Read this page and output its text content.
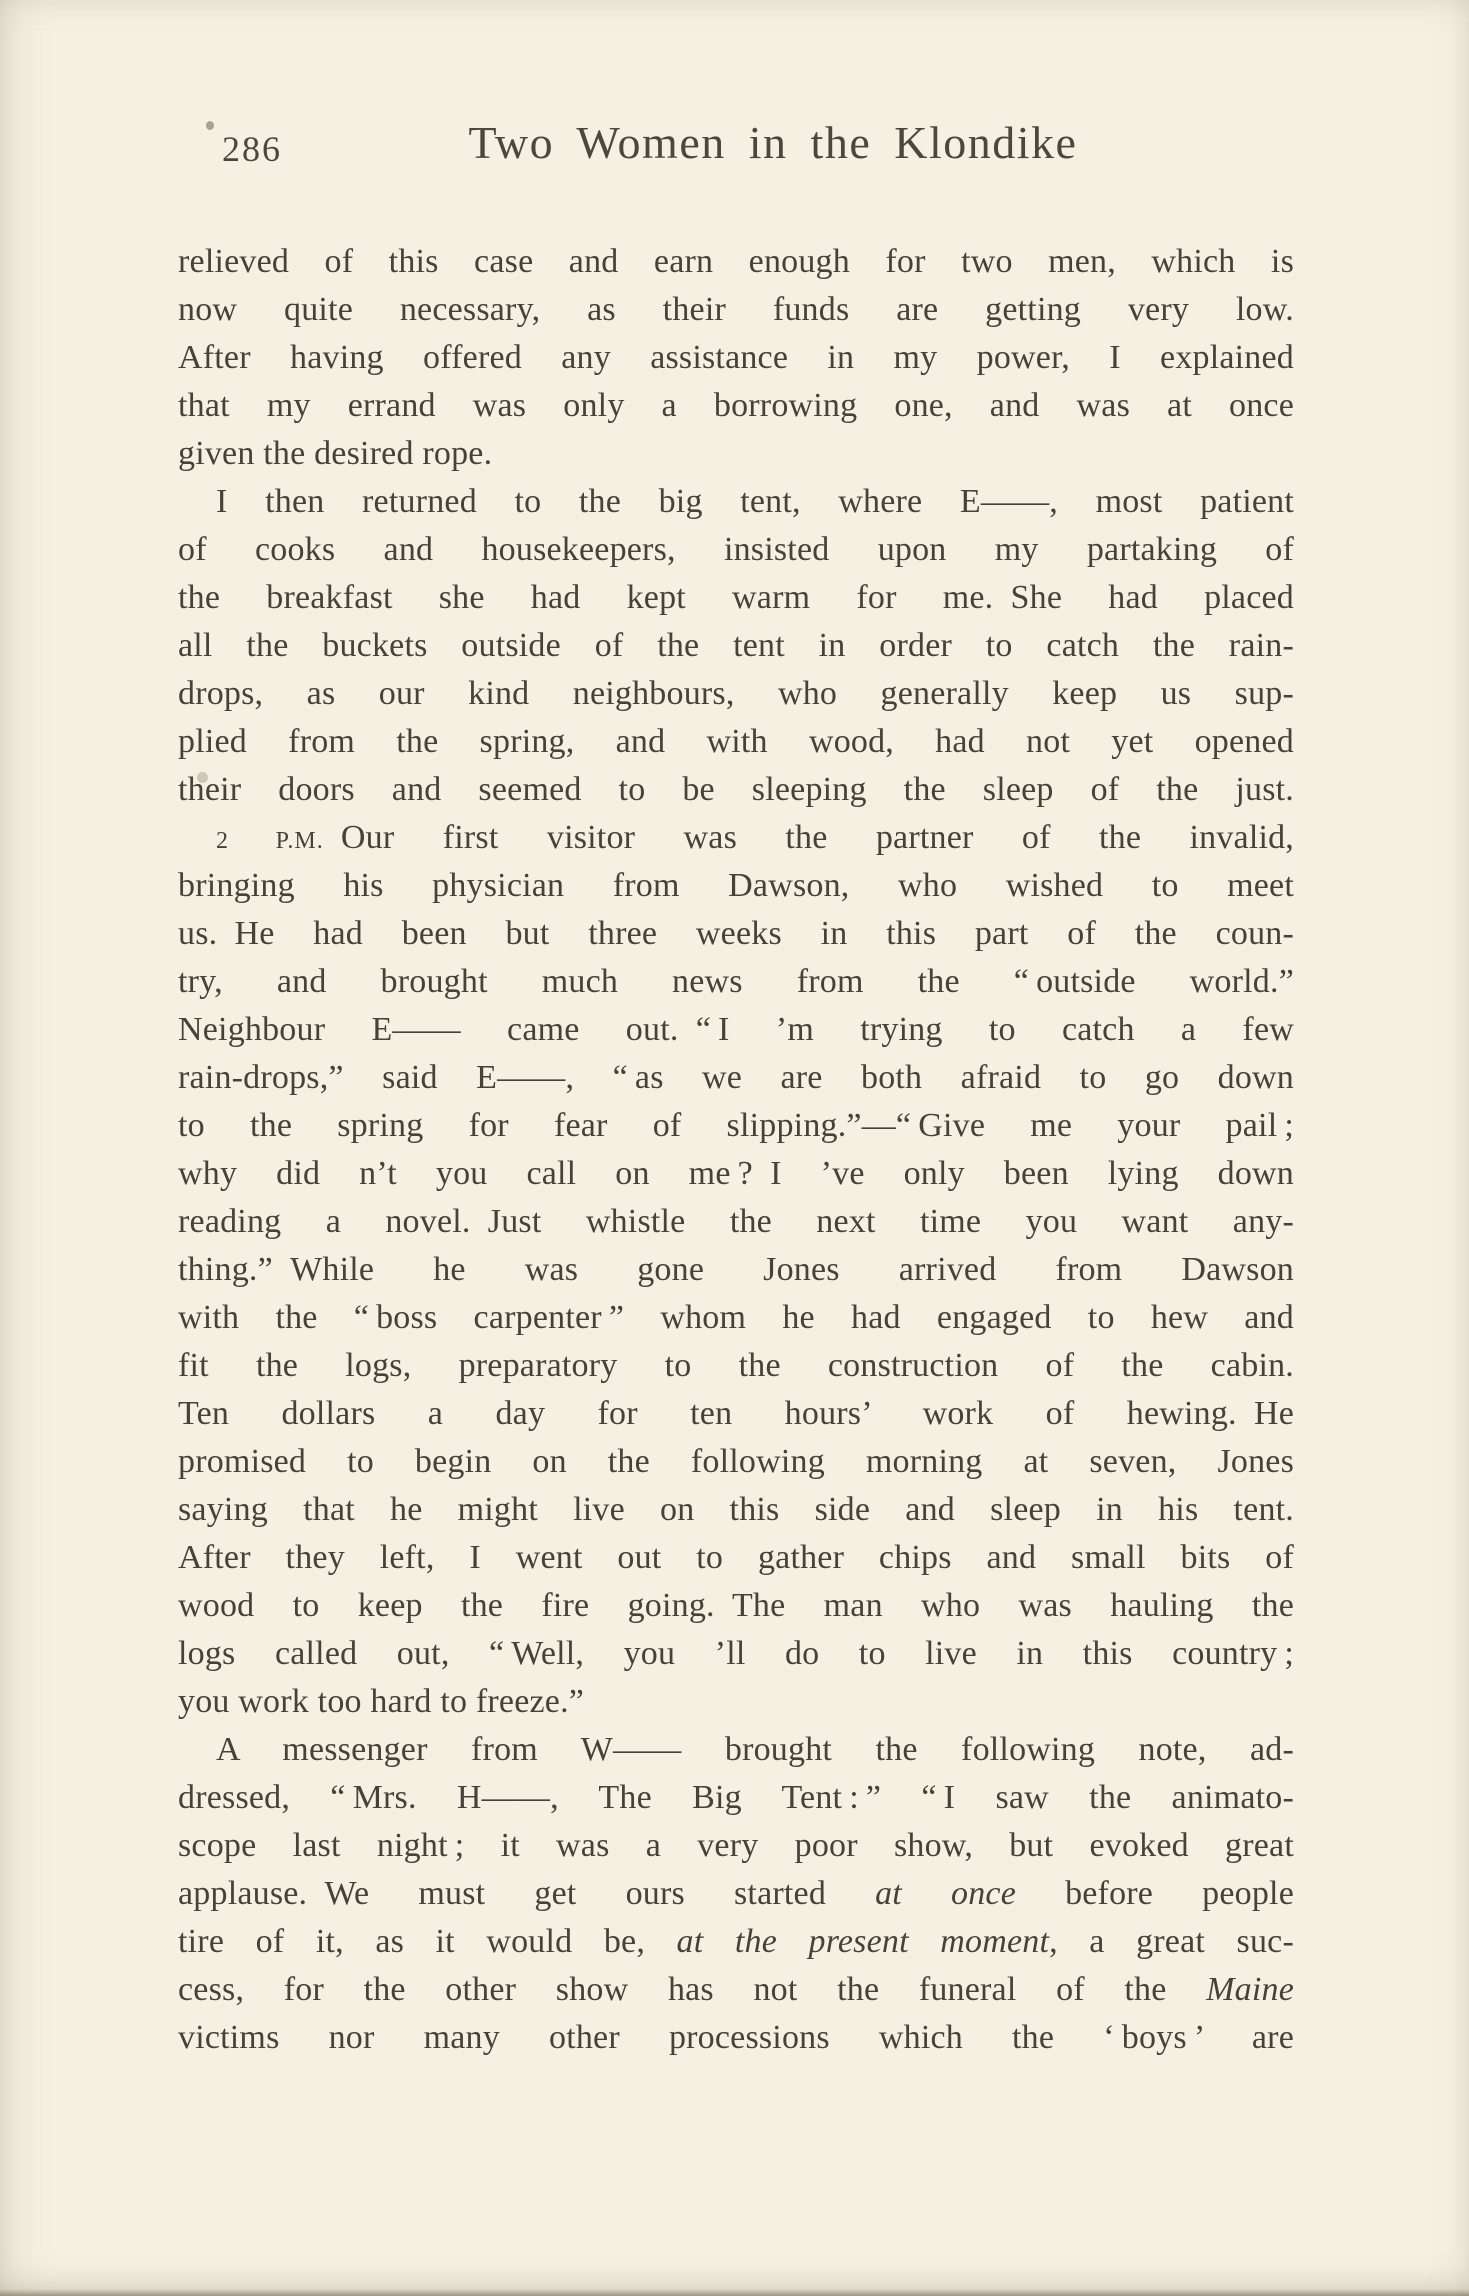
286	Two Women in the Klondike
relieved of this case and earn enough for two men, which is
now quite necessary, as their funds are getting very low.
After having offered any assistance in my power, I explained
that my errand was only a borrowing one, and was at once
given the desired rope.
I then returned to the big tent, where E——, most patient
of cooks and housekeepers, insisted upon my partaking of
the breakfast she had kept warm for me. She had placed
all the buckets outside of the tent in order to catch the rain-
drops, as our kind neighbours, who generally keep us sup-
plied from the spring, and with wood, had not yet opened
their doors and seemed to be sleeping the sleep of the just.
2 P.M. Our first visitor was the partner of the invalid,
bringing his physician from Dawson, who wished to meet
us. He had been but three weeks in this part of the coun-
try, and brought much news from the “ outside world.”
Neighbour E—— came out. “ I ’m trying to catch a few
rain-drops,” said E——, “ as we are both afraid to go down
to the spring for fear of slipping.”—“ Give me your pail ;
why did n’t you call on me ? I ’ve only been lying down
reading a novel. Just whistle the next time you want any-
thing.” While he was gone Jones arrived from Dawson
with the “ boss carpenter ” whom he had engaged to hew and
fit the logs, preparatory to the construction of the cabin.
Ten dollars a day for ten hours’ work of hewing. He
promised to begin on the following morning at seven, Jones
saying that he might live on this side and sleep in his tent.
After they left, I went out to gather chips and small bits of
wood to keep the fire going. The man who was hauling the
logs called out, “ Well, you ’ll do to live in this country ;
you work too hard to freeze.”
A messenger from W—— brought the following note, ad-
dressed, “ Mrs. H——, The Big Tent : ” “ I saw the animato-
scope last night ; it was a very poor show, but evoked great
applause. We must get ours started at once before people
tire of it, as it would be, at the present moment, a great suc-
cess, for the other show has not the funeral of the Maine
victims nor many other processions which the ‘ boys ’ are
